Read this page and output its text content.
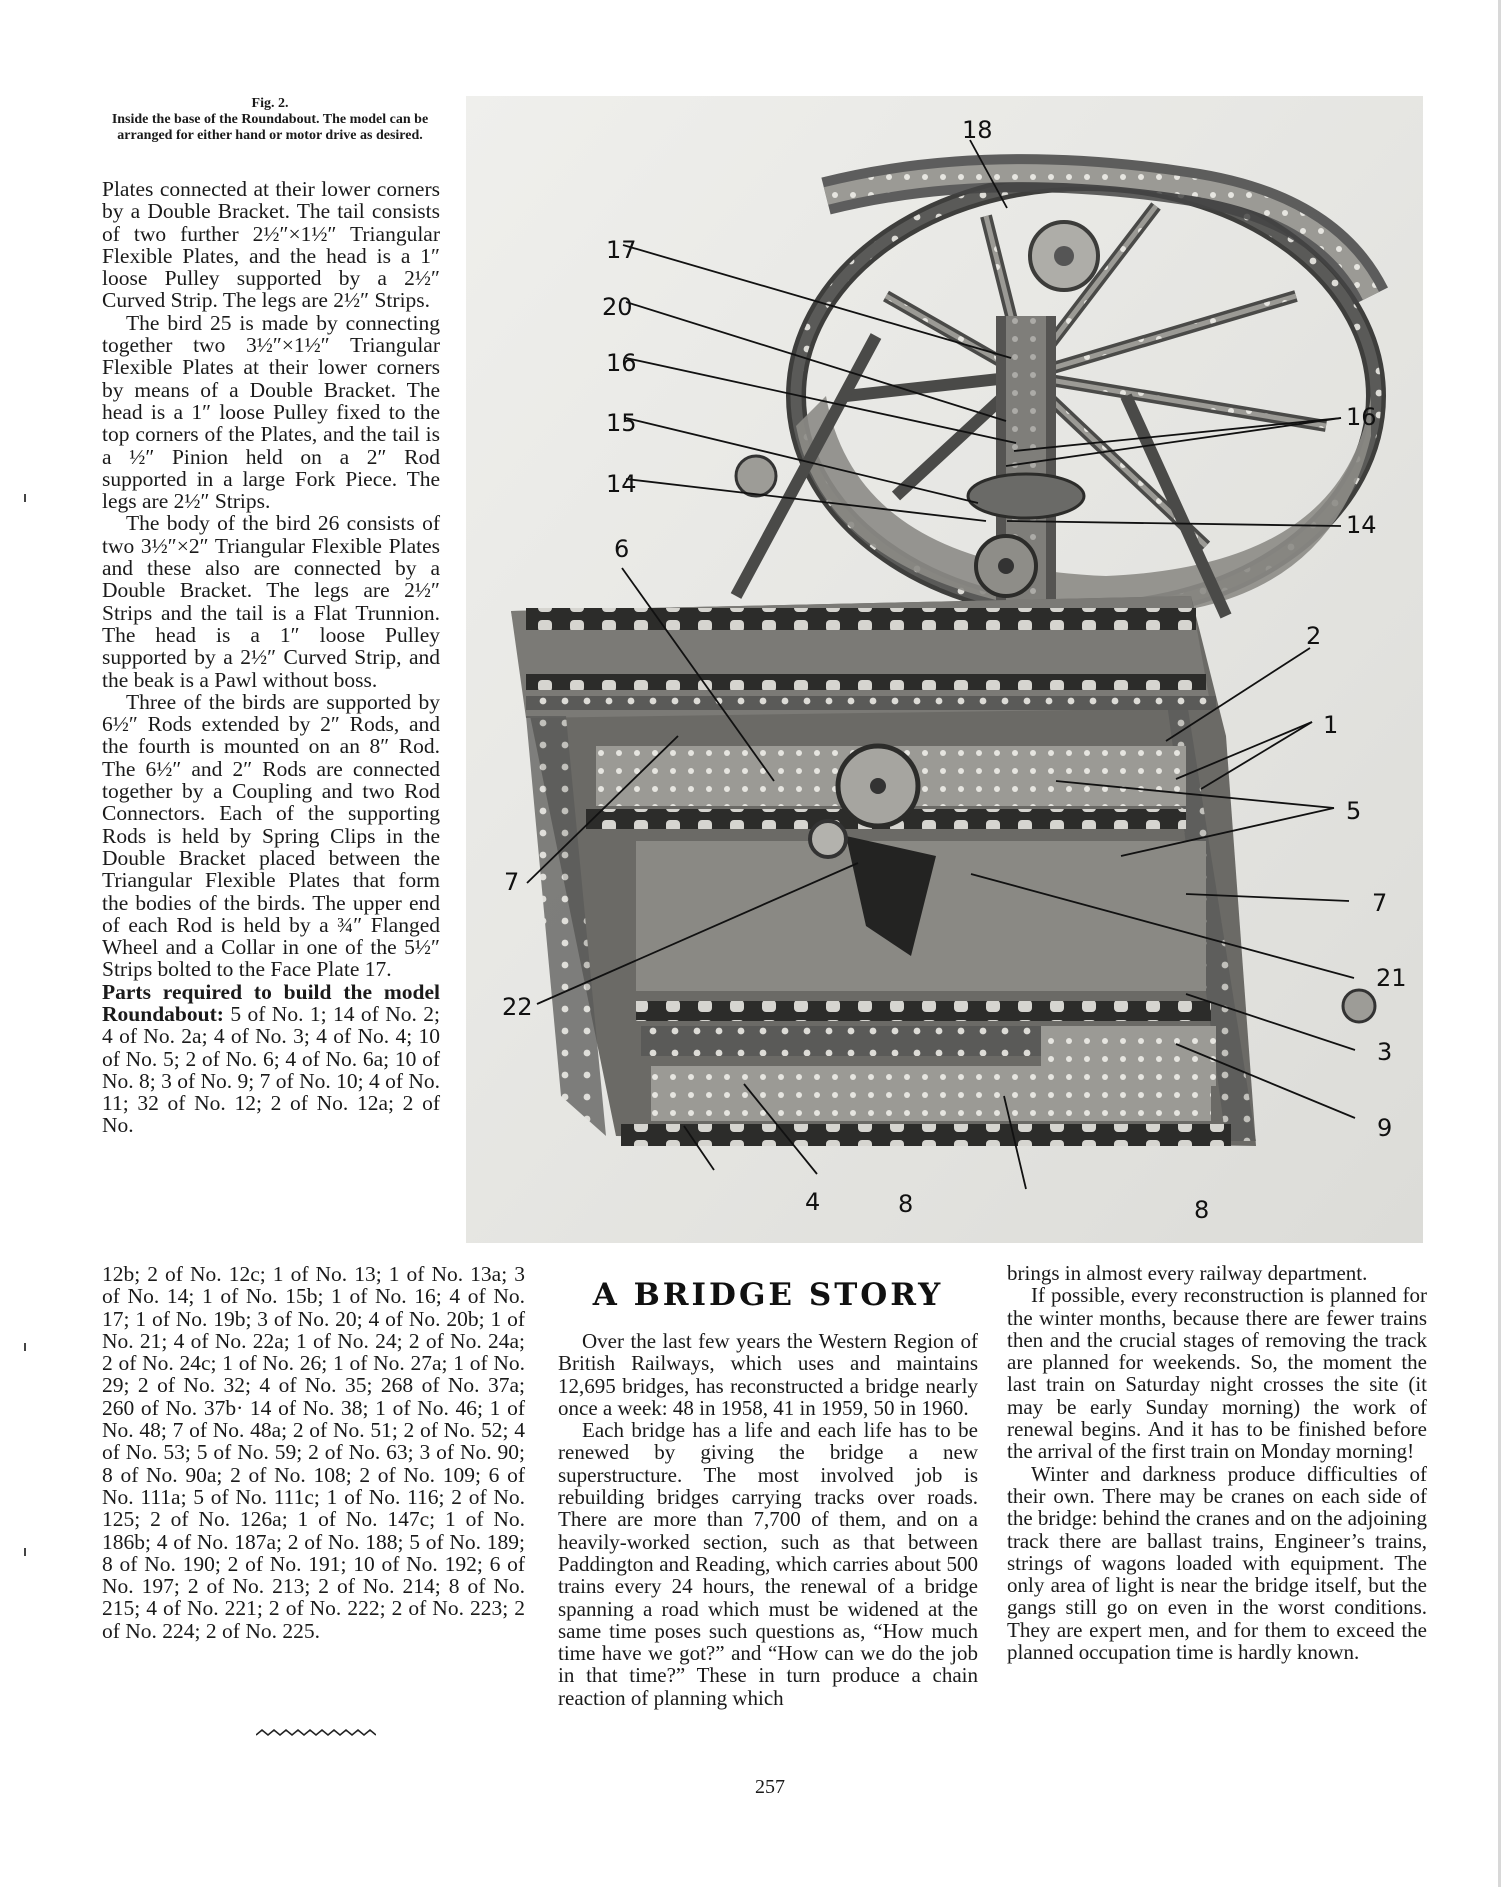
Fig. 2.
Inside the base of the Roundabout. The model can be arranged for either hand or motor drive as desired.

Plates connected at their lower corners by a Double Bracket. The tail consists of two further 2½″×1½″ Triangular Flexible Plates, and the head is a 1″ loose Pulley supported by a 2½″ Curved Strip. The legs are 2½″ Strips.

The bird 25 is made by connecting together two 3½″×1½″ Triangular Flexible Plates at their lower corners by means of a Double Bracket. The head is a 1″ loose Pulley fixed to the top corners of the Plates, and the tail is a ½″ Pinion held on a 2″ Rod supported in a large Fork Piece. The legs are 2½″ Strips.

The body of the bird 26 consists of two 3½″×2″ Triangular Flexible Plates and these also are connected by a Double Bracket. The legs are 2½″ Strips and the tail is a Flat Trunnion. The head is a 1″ loose Pulley supported by a 2½″ Curved Strip, and the beak is a Pawl without boss.

Three of the birds are supported by 6½″ Rods extended by 2″ Rods, and the fourth is mounted on an 8″ Rod. The 6½″ and 2″ Rods are connected together by a Coupling and two Rod Connectors. Each of the supporting Rods is held by Spring Clips in the Double Bracket placed between the Triangular Flexible Plates that form the bodies of the birds. The upper end of each Rod is held by a ¾″ Flanged Wheel and a Collar in one of the 5½″ Strips bolted to the Face Plate 17.

Parts required to build the model Roundabout: 5 of No. 1; 14 of No. 2; 4 of No. 2a; 4 of No. 3; 4 of No. 4; 10 of No. 5; 2 of No. 6; 4 of No. 6a; 10 of No. 8; 3 of No. 9; 7 of No. 10; 4 of No. 11; 32 of No. 12; 2 of No. 12a; 2 of No.

12b; 2 of No. 12c; 1 of No. 13; 1 of No. 13a; 3 of No. 14; 1 of No. 15b; 1 of No. 16; 4 of No. 17; 1 of No. 19b; 3 of No. 20; 4 of No. 20b; 1 of No. 21; 4 of No. 22a; 1 of No. 24; 2 of No. 24a; 2 of No. 24c; 1 of No. 26; 1 of No. 27a; 1 of No. 29; 2 of No. 32; 4 of No. 35; 268 of No. 37a; 260 of No. 37b· 14 of No. 38; 1 of No. 46; 1 of No. 48; 7 of No. 48a; 2 of No. 51; 2 of No. 52; 4 of No. 53; 5 of No. 59; 2 of No. 63; 3 of No. 90; 8 of No. 90a; 2 of No. 108; 2 of No. 109; 6 of No. 111a; 5 of No. 111c; 1 of No. 116; 2 of No. 125; 2 of No. 126a; 1 of No. 147c; 1 of No. 186b; 4 of No. 187a; 2 of No. 188; 5 of No. 189; 8 of No. 190; 2 of No. 191; 10 of No. 192; 6 of No. 197; 2 of No. 213; 2 of No. 214; 8 of No. 215; 4 of No. 221; 2 of No. 222; 2 of No. 223; 2 of No. 224; 2 of No. 225.

18
17
20
16
15
14
6
16
14
2
1
5
7
7
21
22
3
9
4	8	8
A BRIDGE STORY

Over the last few years the Western Region of British Railways, which uses and maintains 12,695 bridges, has reconstructed a bridge nearly once a week: 48 in 1958, 41 in 1959, 50 in 1960.

Each bridge has a life and each life has to be renewed by giving the bridge a new superstructure. The most involved job is rebuilding bridges carrying tracks over roads. There are more than 7,700 of them, and on a heavily-worked section, such as that between Paddington and Reading, which carries about 500 trains every 24 hours, the renewal of a bridge spanning a road which must be widened at the same time poses such questions as, “How much time have we got?” and “How can we do the job in that time?” These in turn produce a chain reaction of planning which

brings in almost every railway department.

If possible, every reconstruction is planned for the winter months, because there are fewer trains then and the crucial stages of removing the track are planned for weekends. So, the moment the last train on Saturday night crosses the site (it may be early Sunday morning) the work of renewal begins. And it has to be finished before the arrival of the first train on Monday morning!

Winter and darkness produce difficulties of their own. There may be cranes on each side of the bridge: behind the cranes and on the adjoining track there are ballast trains, Engineer’s trains, strings of wagons loaded with equipment. The only area of light is near the bridge itself, but the gangs still go on even in the worst conditions. They are expert men, and for them to exceed the planned occupation time is hardly known.

257
